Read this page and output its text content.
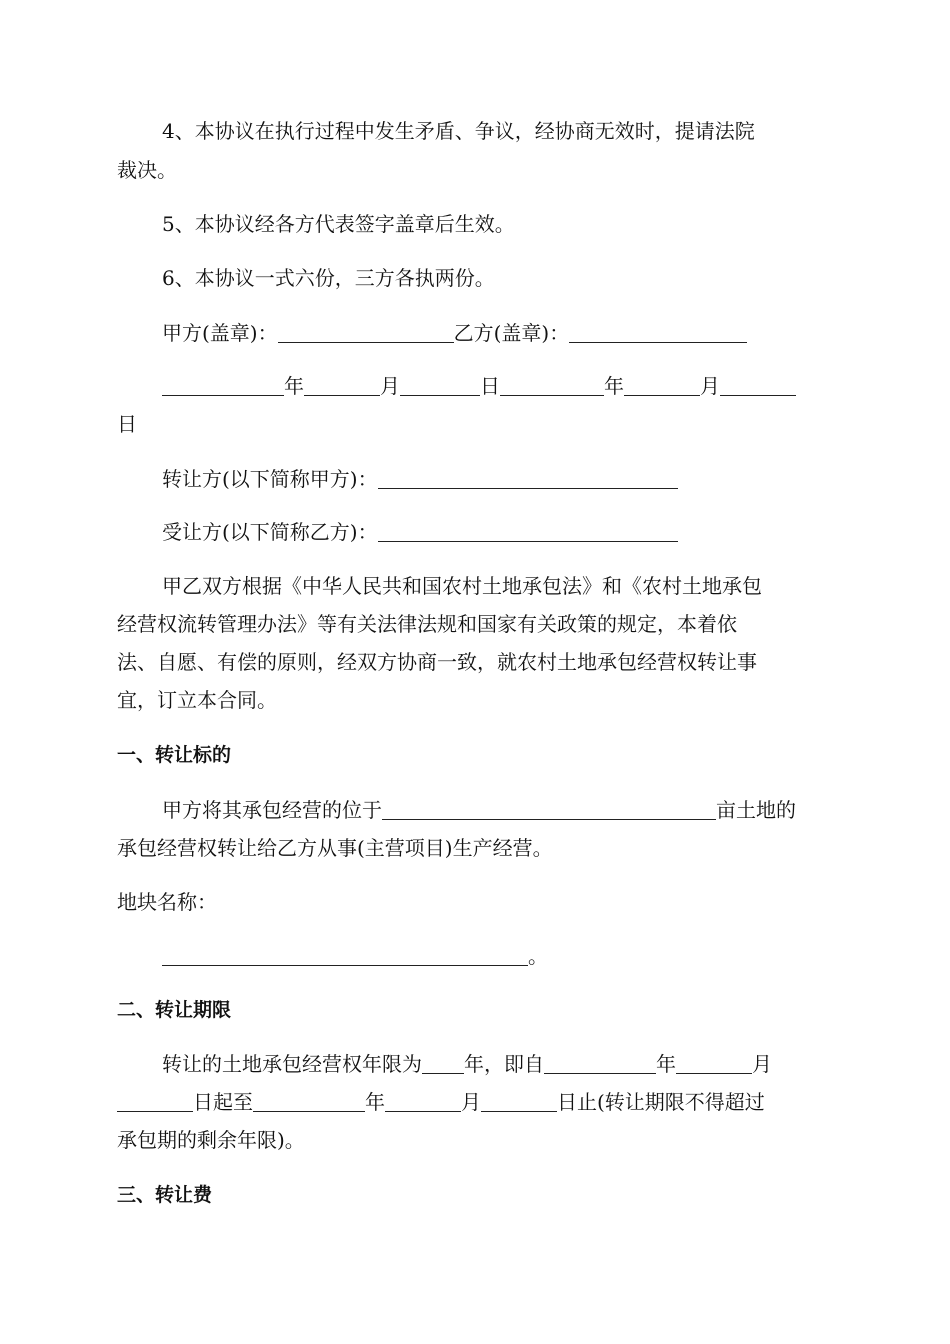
4、本协议在执行过程中发生矛盾、争议，经协商无效时，提请法院
裁决。
5、本协议经各方代表签字盖章后生效。
6、本协议一式六份，三方各执两份。
甲方(盖章)：	乙方(盖章)：
年	月	日	年	月
日
转让方(以下简称甲方)：
受让方(以下简称乙方)：
甲乙双方根据《中华人民共和国农村土地承包法》和《农村土地承包
经营权流转管理办法》等有关法律法规和国家有关政策的规定，本着依
法、自愿、有偿的原则，经双方协商一致，就农村土地承包经营权转让事
宜，订立本合同。
一、转让标的
甲方将其承包经营的位于	亩土地的
承包经营权转让给乙方从事(主营项目)生产经营。
地块名称：
。
二、转让期限
转让的土地承包经营权年限为 年，即自	年	月
日起至	年	月	日止(转让期限不得超过
承包期的剩余年限)。
三、转让费
